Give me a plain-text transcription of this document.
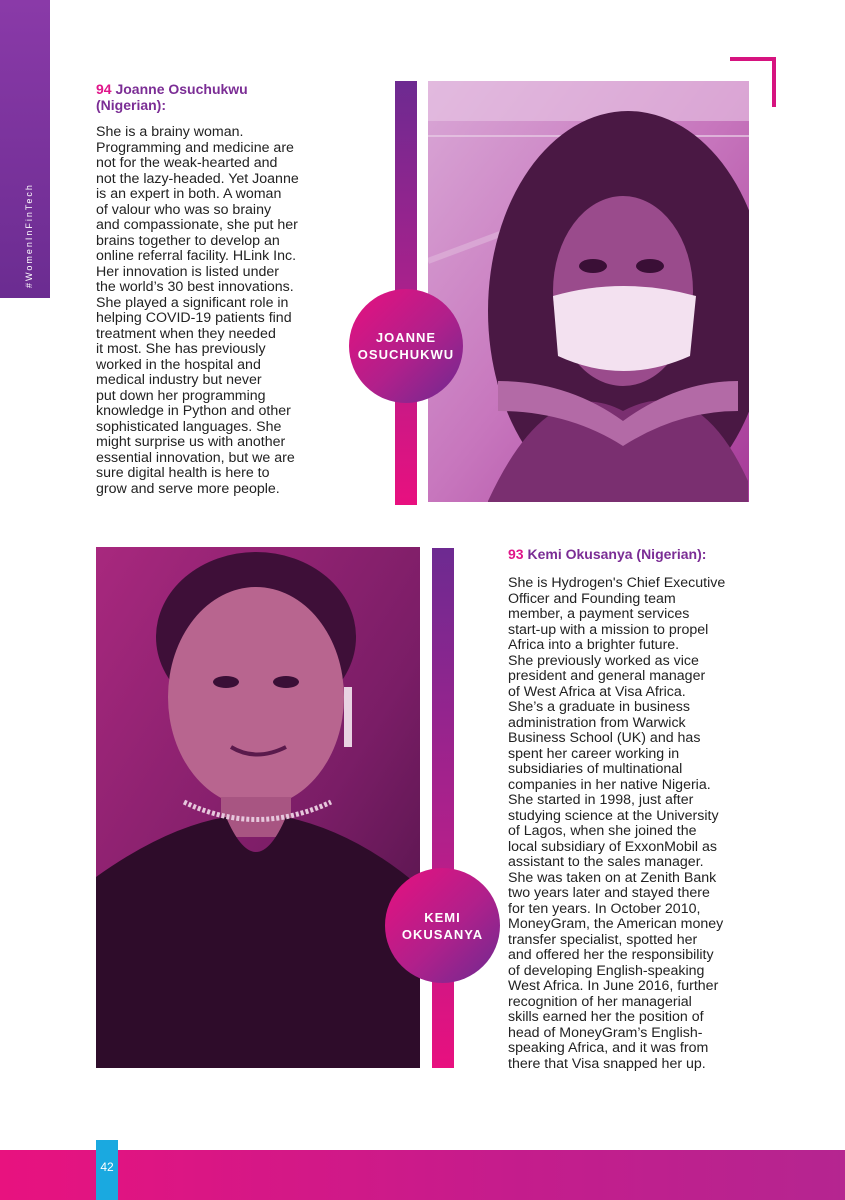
#WomenInFinTech

94 Joanne Osuchukwu
(Nigerian):

She is a brainy woman.
Programming and medicine are
not for the weak-hearted and
not the lazy-headed. Yet Joanne
is an expert in both. A woman
of valour who was so brainy
and compassionate, she put her
brains together to develop an
online referral facility. HLink Inc.
Her innovation is listed under
the world’s 30 best innovations.
She played a significant role in
helping COVID-19 patients find
treatment when they needed
it most. She has previously
worked in the hospital and
medical industry but never
put down her programming
knowledge in Python and other
sophisticated languages. She
might surprise us with another
essential innovation, but we are
sure digital health is here to
grow and serve more people.

JOANNE
OSUCHUKWU
KEMI
OKUSANYA

93 Kemi Okusanya (Nigerian):

She is Hydrogen's Chief Executive
Officer and Founding team
member, a payment services
start-up with a mission to propel
Africa into a brighter future.
She previously worked as vice
president and general manager
of West Africa at Visa Africa.
She’s a graduate in business
administration from Warwick
Business School (UK) and has
spent her career working in
subsidiaries of multinational
companies in her native Nigeria.
She started in 1998, just after
studying science at the University
of Lagos, when she joined the
local subsidiary of ExxonMobil as
assistant to the sales manager.
She was taken on at Zenith Bank
two years later and stayed there
for ten years. In October 2010,
MoneyGram, the American money
transfer specialist, spotted her
and offered her the responsibility
of developing English-speaking
West Africa. In June 2016, further
recognition of her managerial
skills earned her the position of
head of MoneyGram’s English-
speaking Africa, and it was from
there that Visa snapped her up.

42
